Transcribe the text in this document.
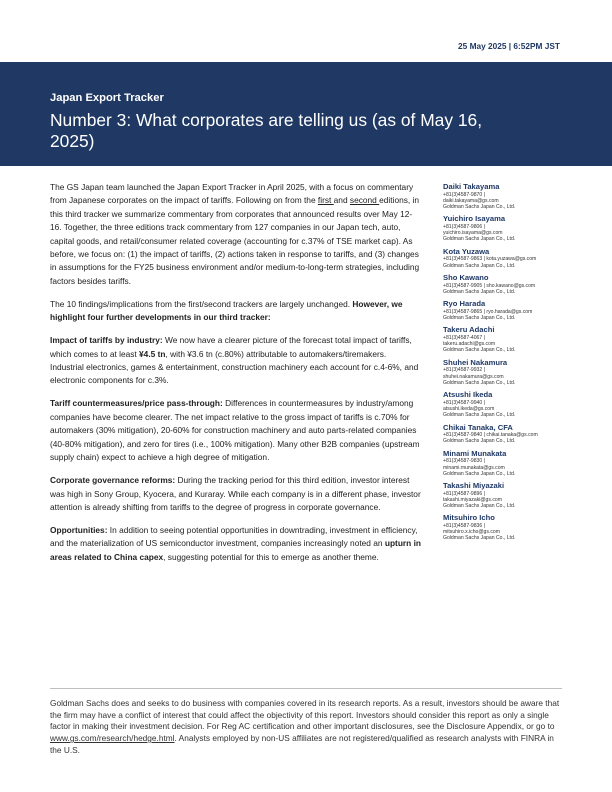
25 May 2025 | 6:52PM JST
Japan Export Tracker
Number 3: What corporates are telling us (as of May 16, 2025)

The GS Japan team launched the Japan Export Tracker in April 2025, with a focus on commentary from Japanese corporates on the impact of tariffs. Following on from the first and second editions, in this third tracker we summarize commentary from corporates that announced results over May 12-16. Together, the three editions track commentary from 127 companies in our Japan tech, auto, capital goods, and retail/consumer related coverage (accounting for c.37% of TSE market cap). As before, we focus on: (1) the impact of tariffs, (2) actions taken in response to tariffs, and (3) changes in assumptions for the FY25 business environment and/or medium-to-long-term strategies, including factors besides tariffs.

The 10 findings/implications from the first/second trackers are largely unchanged. However, we highlight four further developments in our third tracker:

Impact of tariffs by industry: We now have a clearer picture of the forecast total impact of tariffs, which comes to at least ¥4.5 tn, with ¥3.6 tn (c.80%) attributable to automakers/tiremakers. Industrial electronics, games & entertainment, construction machinery each account for c.4-6%, and electronic components for c.3%.

Tariff countermeasures/price pass-through: Differences in countermeasures by industry/among companies have become clearer. The net impact relative to the gross impact of tariffs is c.70% for automakers (30% mitigation), 20-60% for construction machinery and auto parts-related companies (40-80% mitigation), and zero for tires (i.e., 100% mitigation). Many other B2B companies (upstream supply chain) expect to achieve a high degree of mitigation.

Corporate governance reforms: During the tracking period for this third edition, investor interest was high in Sony Group, Kyocera, and Kuraray. While each company is in a different phase, investor attention is already shifting from tariffs to the degree of progress in corporate governance.

Opportunities: In addition to seeing potential opportunities in downtrading, investment in efficiency, and the materialization of US semiconductor investment, companies increasingly noted an upturn in areas related to China capex, suggesting potential for this to emerge as another theme.

Daiki Takayama
+81(3)4587-9870 |
daiki.takayama@gs.com
Goldman Sachs Japan Co., Ltd.
Yuichiro Isayama
+81(3)4587-9806 |
yuichiro.isayama@gs.com
Goldman Sachs Japan Co., Ltd.
Kota Yuzawa
+81(3)4587-9863 | kota.yuzawa@gs.com
Goldman Sachs Japan Co., Ltd.
Sho Kawano
+81(3)4587-9905 | sho.kawano@gs.com
Goldman Sachs Japan Co., Ltd.
Ryo Harada
+81(3)4587-9865 | ryo.harada@gs.com
Goldman Sachs Japan Co., Ltd.
Takeru Adachi
+81(3)4587-4067 |
takeru.adachi@gs.com
Goldman Sachs Japan Co., Ltd.
Shuhei Nakamura
+81(3)4587-9932 |
shuhei.nakamura@gs.com
Goldman Sachs Japan Co., Ltd.
Atsushi Ikeda
+81(3)4587-9940 |
atsushi.ikeda@gs.com
Goldman Sachs Japan Co., Ltd.
Chikai Tanaka, CFA
+81(3)4587-9840 | chikai.tanaka@gs.com
Goldman Sachs Japan Co., Ltd.
Minami Munakata
+81(3)4587-9830 |
minami.munakata@gs.com
Goldman Sachs Japan Co., Ltd.
Takashi Miyazaki
+81(3)4587-9896 |
takashi.miyazaki@gs.com
Goldman Sachs Japan Co., Ltd.
Mitsuhiro Icho
+81(3)4587-9836 |
mitsuhiro.x.icho@gs.com
Goldman Sachs Japan Co., Ltd.
Goldman Sachs does and seeks to do business with companies covered in its research reports. As a result, investors should be aware that the firm may have a conflict of interest that could affect the objectivity of this report. Investors should consider this report as only a single factor in making their investment decision. For Reg AC certification and other important disclosures, see the Disclosure Appendix, or go to www.gs.com/research/hedge.html. Analysts employed by non-US affiliates are not registered/qualified as research analysts with FINRA in the U.S.
